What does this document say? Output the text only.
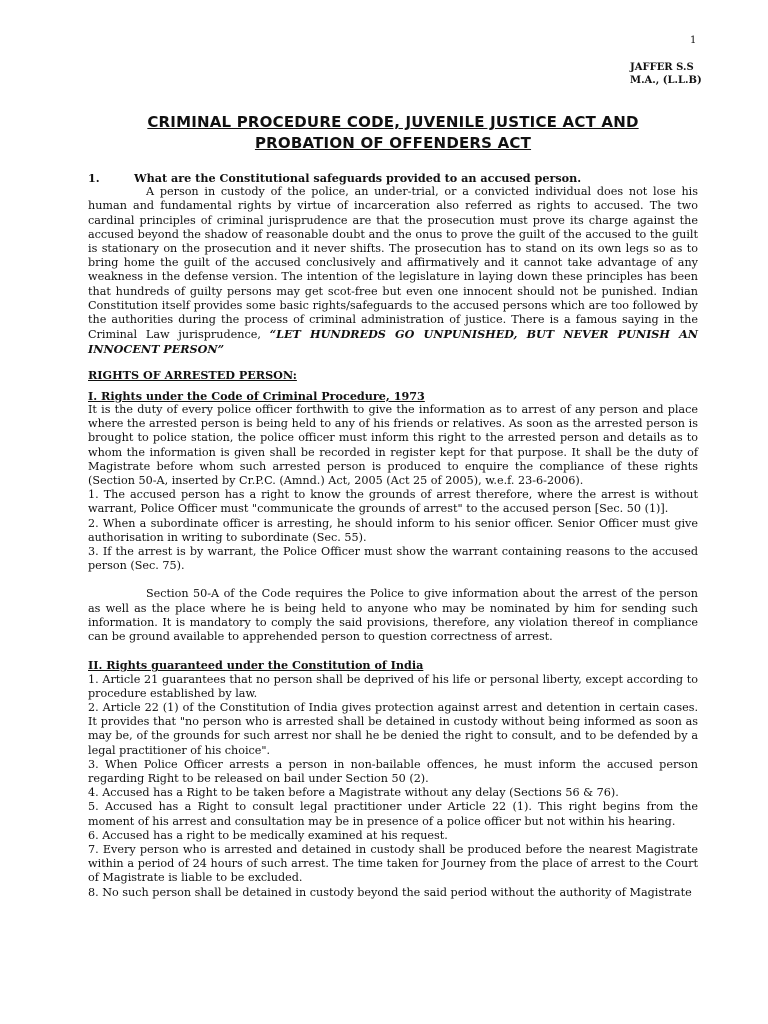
1
JAFFER S.S
M.A., (L.L.B)
CRIMINAL PROCEDURE CODE, JUVENILE JUSTICE ACT AND
PROBATION OF OFFENDERS ACT
1.	What are the Constitutional safeguards provided to an accused person.

A person in custody of the police, an under-trial, or a convicted individual does not lose his human and fundamental rights by virtue of incarceration also referred as rights to accused. The two cardinal principles of criminal jurisprudence are that the prosecution must prove its charge against the accused beyond the shadow of reasonable doubt and the onus to prove the guilt of the accused to the guilt is stationary on the prosecution and it never shifts. The prosecution has to stand on its own legs so as to bring home the guilt of the accused conclusively and affirmatively and it cannot take advantage of any weakness in the defense version. The intention of the legislature in laying down these principles has been that hundreds of guilty persons may get scot-free but even one innocent should not be punished. Indian Constitution itself provides some basic rights/safeguards to the accused persons which are too followed by the authorities during the process of criminal administration of justice. There is a famous saying in the Criminal Law jurisprudence, “LET HUNDREDS GO UNPUNISHED, BUT NEVER PUNISH AN INNOCENT PERSON”

RIGHTS OF ARRESTED PERSON:
I. Rights under the Code of Criminal Procedure, 1973

It is the duty of every police officer forthwith to give the information as to arrest of any person and place where the arrested person is being held to any of his friends or relatives. As soon as the arrested person is brought to police station, the police officer must inform this right to the arrested person and details as to whom the information is given shall be recorded in register kept for that purpose. It shall be the duty of Magistrate before whom such arrested person is produced to enquire the compliance of these rights (Section 50-A, inserted by Cr.P.C. (Amnd.) Act, 2005 (Act 25 of 2005), w.e.f. 23-6-2006).

1. The accused person has a right to know the grounds of arrest therefore, where the arrest is without warrant, Police Officer must "communicate the grounds of arrest" to the accused person [Sec. 50 (1)].

2. When a subordinate officer is arresting, he should inform to his senior officer. Senior Officer must give authorisation in writing to subordinate (Sec. 55).

3. If the arrest is by warrant, the Police Officer must show the warrant containing reasons to the accused person (Sec. 75).

Section 50-A of the Code requires the Police to give information about the arrest of the person as well as the place where he is being held to anyone who may be nominated by him for sending such information. It is mandatory to comply the said provisions, therefore, any violation thereof in compliance can be ground available to apprehended person to question correctness of arrest.

II. Rights guaranteed under the Constitution of India

1. Article 21 guarantees that no person shall be deprived of his life or personal liberty, except according to procedure established by law.

2. Article 22 (1) of the Constitution of India gives protection against arrest and detention in certain cases. It provides that "no person who is arrested shall be detained in custody without being informed as soon as may be, of the grounds for such arrest nor shall he be denied the right to consult, and to be defended by a legal practitioner of his choice".

3. When Police Officer arrests a person in non-bailable offences, he must inform the accused person regarding Right to be released on bail under Section 50 (2).

4. Accused has a Right to be taken before a Magistrate without any delay (Sections 56 & 76).

5. Accused has a Right to consult legal practitioner under Article 22 (1). This right begins from the moment of his arrest and consultation may be in presence of a police officer but not within his hearing.

6. Accused has a right to be medically examined at his request.

7. Every person who is arrested and detained in custody shall be produced before the nearest Magistrate within a period of 24 hours of such arrest. The time taken for Journey from the place of arrest to the Court of Magistrate is liable to be excluded.

8. No such person shall be detained in custody beyond the said period without the authority of Magistrate
